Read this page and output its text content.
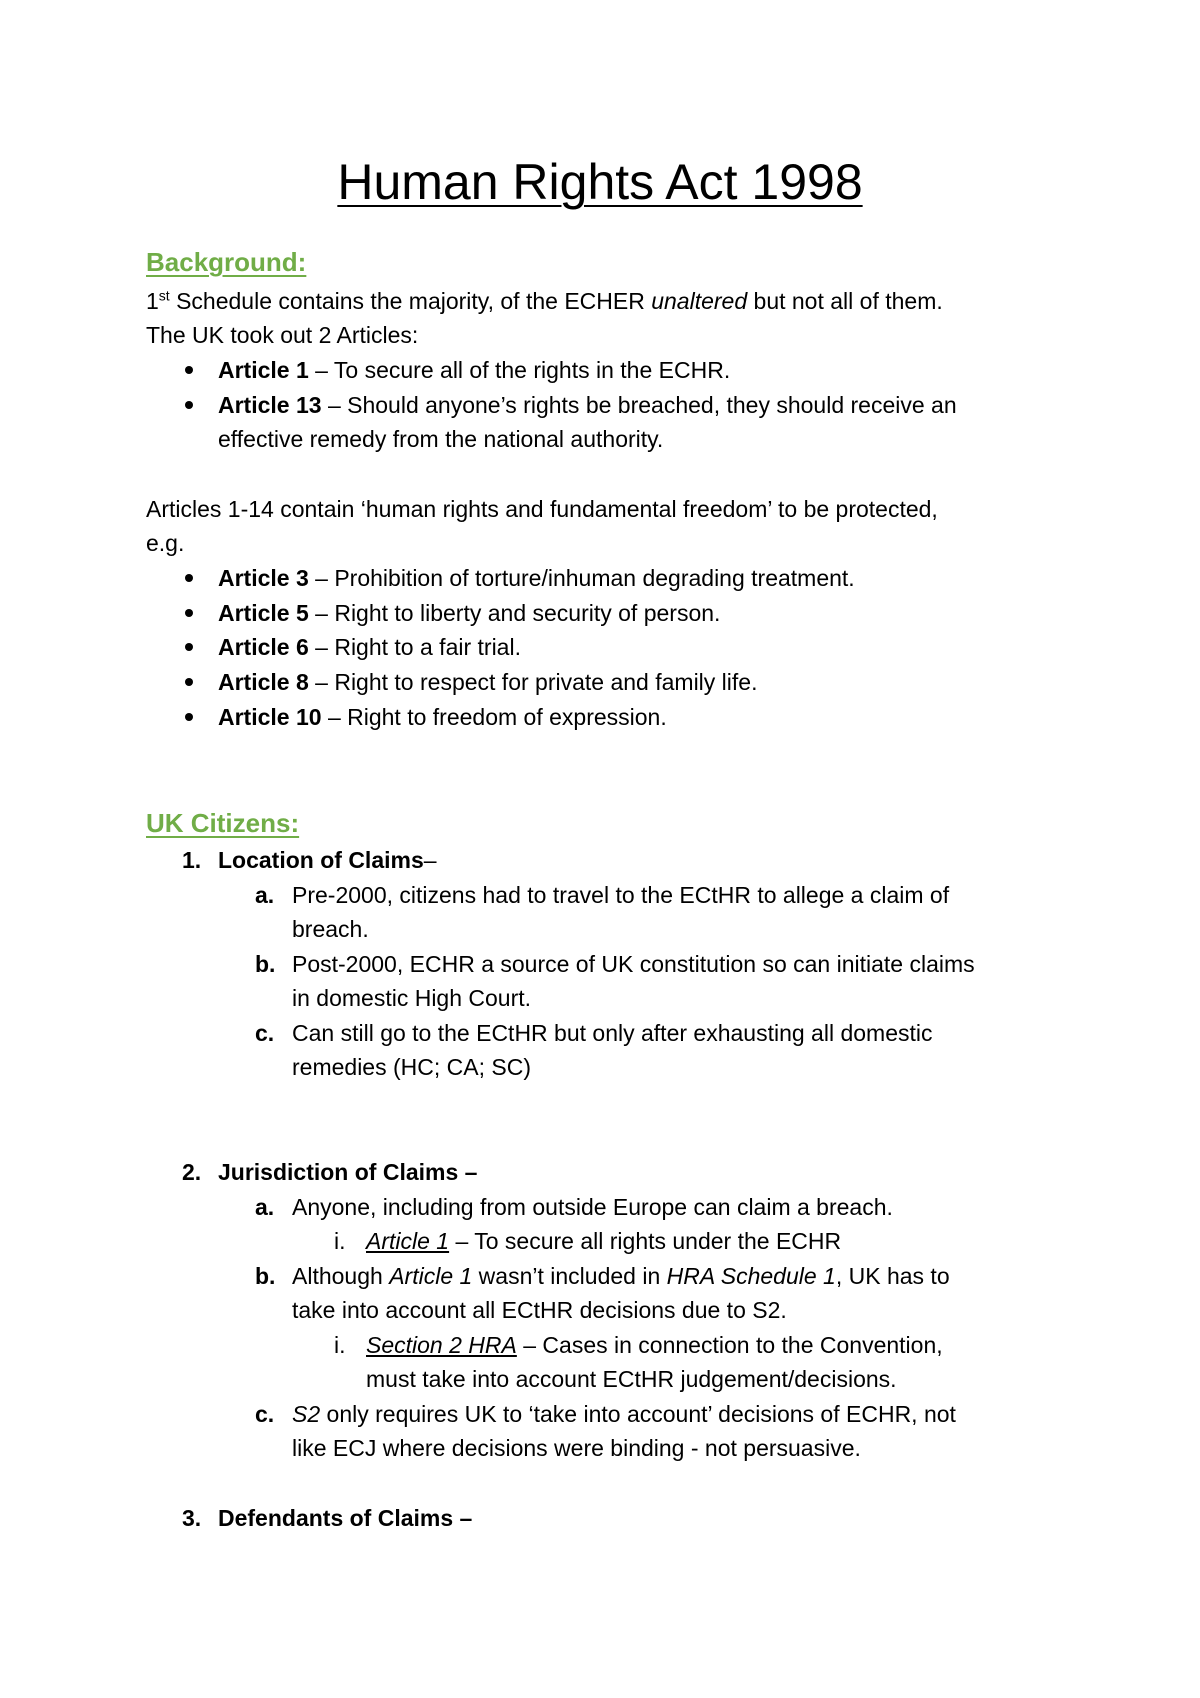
Human Rights Act 1998
Background:
1st Schedule contains the majority, of the ECHER unaltered but not all of them.
The UK took out 2 Articles:
Article 1 – To secure all of the rights in the ECHR.
Article 13 – Should anyone’s rights be breached, they should receive an
effective remedy from the national authority.
Articles 1-14 contain ‘human rights and fundamental freedom’ to be protected,
e.g.
Article 3 – Prohibition of torture/inhuman degrading treatment.
Article 5 – Right to liberty and security of person.
Article 6 – Right to a fair trial.
Article 8 – Right to respect for private and family life.
Article 10 – Right to freedom of expression.
UK Citizens:
1. Location of Claims–
a. Pre-2000, citizens had to travel to the ECtHR to allege a claim of
breach.
b. Post-2000, ECHR a source of UK constitution so can initiate claims
in domestic High Court.
c. Can still go to the ECtHR but only after exhausting all domestic
remedies (HC; CA; SC)
2. Jurisdiction of Claims –
a. Anyone, including from outside Europe can claim a breach.
i. Article 1 – To secure all rights under the ECHR
b. Although Article 1 wasn’t included in HRA Schedule 1, UK has to
take into account all ECtHR decisions due to S2.
i. Section 2 HRA – Cases in connection to the Convention,
must take into account ECtHR judgement/decisions.
c. S2 only requires UK to ‘take into account’ decisions of ECHR, not
like ECJ where decisions were binding - not persuasive.
3. Defendants of Claims –
